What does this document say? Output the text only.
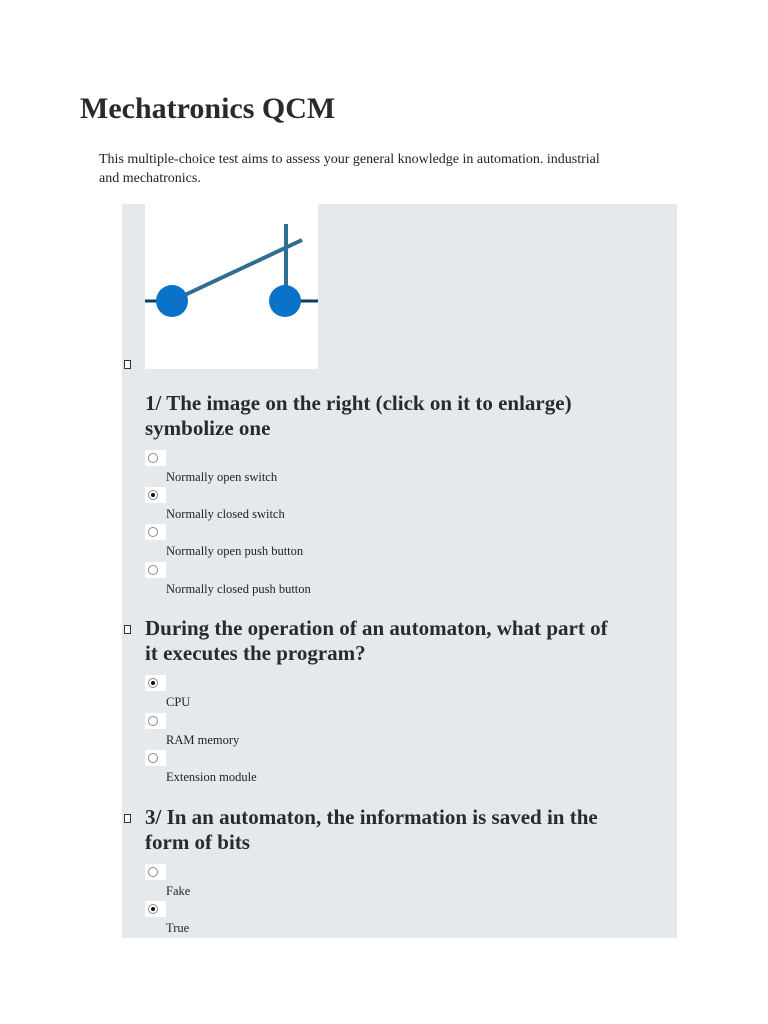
Mechatronics QCM

This multiple-choice test aims to assess your general knowledge in automation. industrial and mechatronics.

1/ The image on the right (click on it to enlarge) symbolize one

Normally open switch

Normally closed switch

Normally open push button

Normally closed push button

During the operation of an automaton, what part of it executes the program?

CPU

RAM memory

Extension module

3/ In an automaton, the information is saved in the form of bits

Fake

True
